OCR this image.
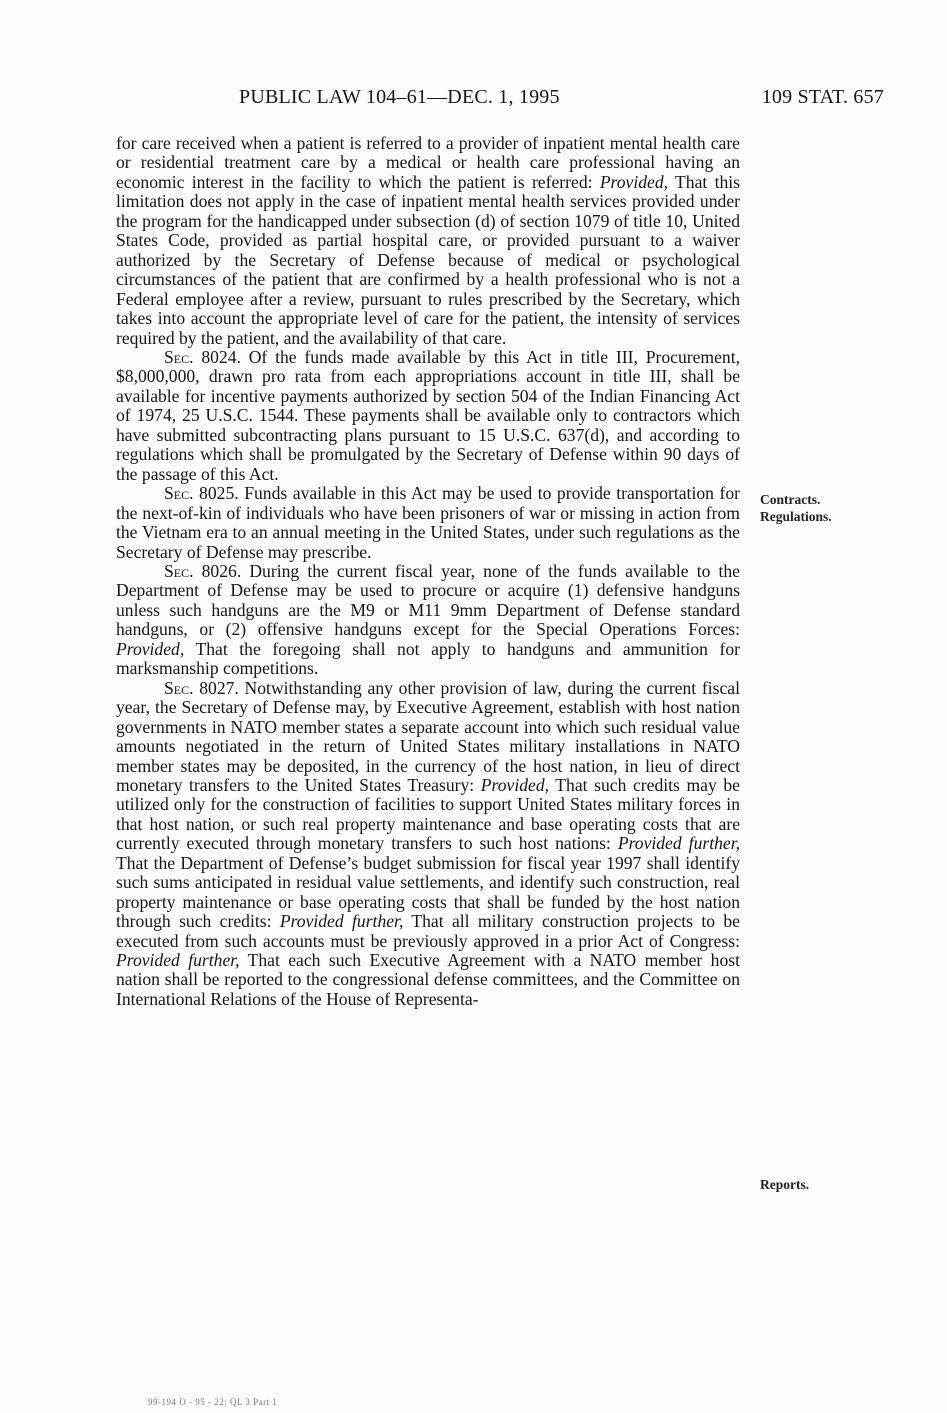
PUBLIC LAW 104–61—DEC. 1, 1995	109 STAT. 657

for care received when a patient is referred to a provider of inpatient mental health care or residential treatment care by a medical or health care professional having an economic interest in the facility to which the patient is referred: Provided, That this limitation does not apply in the case of inpatient mental health services provided under the program for the handicapped under subsection (d) of section 1079 of title 10, United States Code, provided as partial hospital care, or provided pursuant to a waiver authorized by the Secretary of Defense because of medical or psychological circumstances of the patient that are confirmed by a health professional who is not a Federal employee after a review, pursuant to rules prescribed by the Secretary, which takes into account the appropriate level of care for the patient, the intensity of services required by the patient, and the availability of that care.

Sec. 8024. Of the funds made available by this Act in title III, Procurement, $8,000,000, drawn pro rata from each appropriations account in title III, shall be available for incentive payments authorized by section 504 of the Indian Financing Act of 1974, 25 U.S.C. 1544. These payments shall be available only to contractors which have submitted subcontracting plans pursuant to 15 U.S.C. 637(d), and according to regulations which shall be promulgated by the Secretary of Defense within 90 days of the passage of this Act.

Sec. 8025. Funds available in this Act may be used to provide transportation for the next-of-kin of individuals who have been prisoners of war or missing in action from the Vietnam era to an annual meeting in the United States, under such regulations as the Secretary of Defense may prescribe.

Sec. 8026. During the current fiscal year, none of the funds available to the Department of Defense may be used to procure or acquire (1) defensive handguns unless such handguns are the M9 or M11 9mm Department of Defense standard handguns, or (2) offensive handguns except for the Special Operations Forces: Provided, That the foregoing shall not apply to handguns and ammunition for marksmanship competitions.

Sec. 8027. Notwithstanding any other provision of law, during the current fiscal year, the Secretary of Defense may, by Executive Agreement, establish with host nation governments in NATO member states a separate account into which such residual value amounts negotiated in the return of United States military installations in NATO member states may be deposited, in the currency of the host nation, in lieu of direct monetary transfers to the United States Treasury: Provided, That such credits may be utilized only for the construction of facilities to support United States military forces in that host nation, or such real property maintenance and base operating costs that are currently executed through monetary transfers to such host nations: Provided further, That the Department of Defense’s budget submission for fiscal year 1997 shall identify such sums anticipated in residual value settlements, and identify such construction, real property maintenance or base operating costs that shall be funded by the host nation through such credits: Provided further, That all military construction projects to be executed from such accounts must be previously approved in a prior Act of Congress: Provided further, That each such Executive Agreement with a NATO member host nation shall be reported to the congressional defense committees, and the Committee on International Relations of the House of Representa-

Contracts.
Regulations.
Reports.
99-194 O - 95 - 22: QL 3 Part 1
